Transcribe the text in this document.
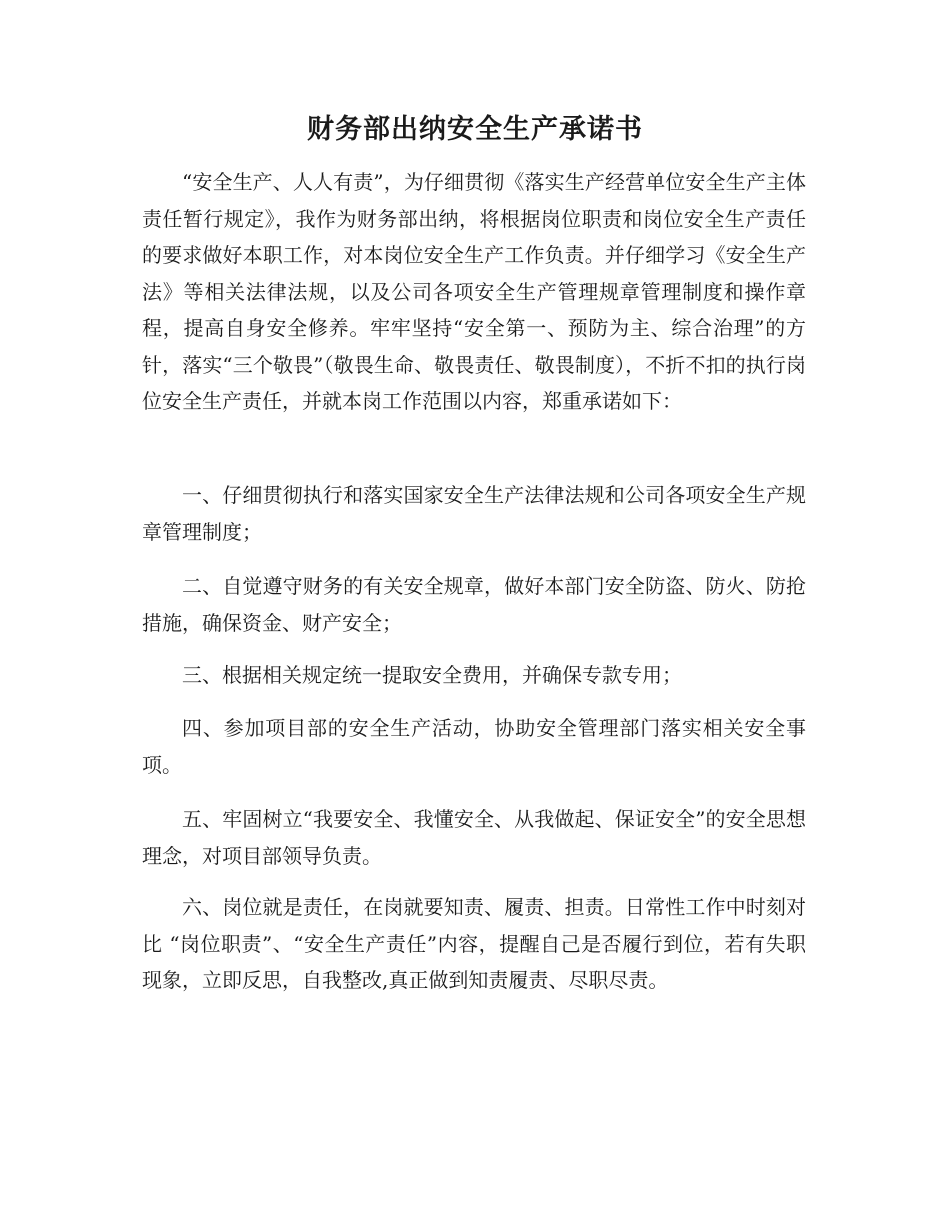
财务部出纳安全生产承诺书

“安全生产、人人有责”，为仔细贯彻《落实生产经营单位安全生产主体责任暂行规定》，我作为财务部出纳，将根据岗位职责和岗位安全生产责任的要求做好本职工作，对本岗位安全生产工作负责。并仔细学习《安全生产法》等相关法律法规，以及公司各项安全生产管理规章管理制度和操作章程，提高自身安全修养。牢牢坚持“安全第一、预防为主、综合治理”的方针，落实“三个敬畏”（敬畏生命、敬畏责任、敬畏制度），不折不扣的执行岗位安全生产责任，并就本岗工作范围以内容，郑重承诺如下：

一、仔细贯彻执行和落实国家安全生产法律法规和公司各项安全生产规章管理制度；

二、自觉遵守财务的有关安全规章，做好本部门安全防盗、防火、防抢措施，确保资金、财产安全；

三、根据相关规定统一提取安全费用，并确保专款专用；

四、参加项目部的安全生产活动，协助安全管理部门落实相关安全事项。

五、牢固树立“我要安全、我懂安全、从我做起、保证安全”的安全思想理念，对项目部领导负责。

六、岗位就是责任，在岗就要知责、履责、担责。日常性工作中时刻对比 “岗位职责”、“安全生产责任”内容，提醒自己是否履行到位，若有失职现象，立即反思，自我整改,真正做到知责履责、尽职尽责。
